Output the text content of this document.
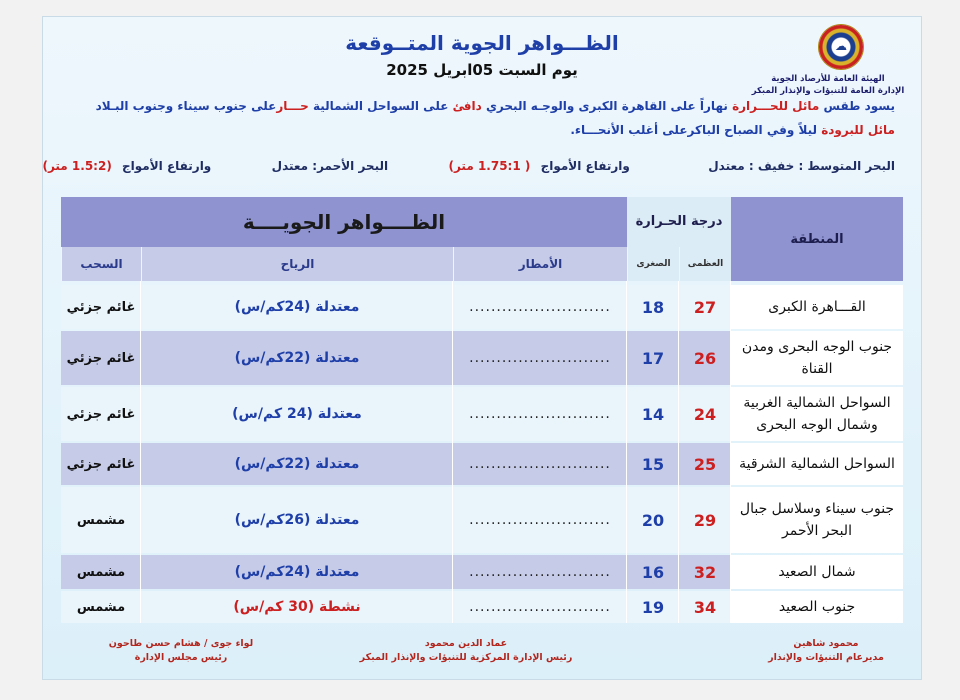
☁
الهيئة العامة للأرصاد الجوية
الإدارة العامة للتنبؤات والإنذار المبكر
الظـــواهر الجوية المتــوقعة
يوم السبت 05ابريل 2025
يسود طقس مائل للحـــرارة نهاراً على القاهرة الكبرى والوجـه البحري دافئ على السواحل الشمالية حـــارعلى جنوب سيناء وجنوب البـلاد
مائل للبرودة ليلاً وفي الصباح الباكرعلى أغلب الأنحـــاء.
البحر المتوسط : خفيف : معتدل  وارتفاع الأمواج ( 1.75:1 متر)  البحر الأحمر: معتدل  وارتفاع الأمواج (1.5:2 متر)
المنطقة
درجة الحـرارة
الظــــواهر الجويــــة
العظمى
الصغرى
الأمطار
الرياح
السحب
القـــاهرة الكبرى
27
18
..........................
معتدلة (24كم/س)
غائم جزئي
جنوب الوجه البحرى ومدن القناة
26
17
..........................
معتدلة (22كم/س)
غائم جزئي
السواحل الشمالية الغربية وشمال الوجه البحرى
24
14
..........................
معتدلة (24 كم/س)
غائم جزئي
السواحل الشمالية الشرقية
25
15
..........................
معتدلة (22كم/س)
غائم جزئي
جنوب سيناء وسلاسل جبال البحر الأحمر
29
20
..........................
معتدلة (26كم/س)
مشمس
شمال الصعيد
32
16
..........................
معتدلة (24كم/س)
مشمس
جنوب الصعيد
34
19
..........................
نشطة (30 كم/س)
مشمس
محمود شاهين
مديرعام التنبؤات والإنذار
عماد الدين محمود
رئيس الإدارة المركزية للتنبؤات والإنذار المبكر
لواء جوى / هشام حسن طاحون
رئيس مجلس الإدارة
